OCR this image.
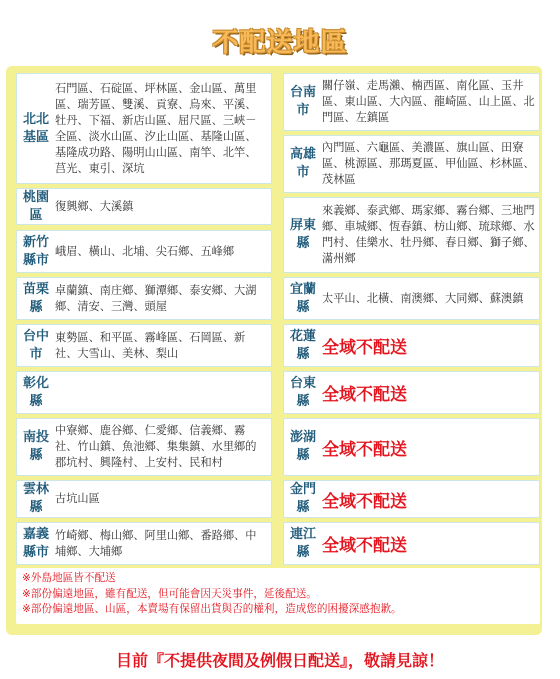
不配送地區
北北基區
石門區、石碇區、坪林區、金山區、萬里區、瑞芳區、雙溪、貢寮、烏來、平溪、牡丹、下福、新店山區、屈尺區、三峽－全區、淡水山區、汐止山區、基隆山區、基隆成功路、陽明山山區、南竿、北竿、莒光、東引、深坑
桃園區
復興鄉、大溪鎮
新竹縣市
峨眉、橫山、北埔、尖石鄉、五峰鄉
苗栗縣
卓蘭鎮、南庄鄉、獅潭鄉、泰安鄉、大湖鄉、清安、三灣、頭屋
台中市
東勢區、和平區、霧峰區、石岡區、新社、大雪山、美林、梨山
彰化縣
南投縣
中寮鄉、鹿谷鄉、仁愛鄉、信義鄉、霧社、竹山鎮、魚池鄉、集集鎮、水里鄉的郡坑村、興隆村、上安村、民和村
雲林縣
古坑山區
嘉義縣市
竹崎鄉、梅山鄉、阿里山鄉、番路鄉、中埔鄉、大埔鄉
台南市
關仔嶺、走馬瀨、楠西區、南化區、玉井區、東山區、大內區、龍崎區、山上區、北門區、左鎮區
高雄市
內門區、六龜區、美濃區、旗山區、田寮區、桃源區、那瑪夏區、甲仙區、杉林區、茂林區
屏東縣
來義鄉、泰武鄉、瑪家鄉、霧台鄉、三地門鄉、車城鄉、恆春鎮、枋山鄉、琉球鄉、水門村、佳樂水、牡丹鄉、春日鄉、獅子鄉、滿州鄉
宜蘭縣
太平山、北橫、南澳鄉、大同鄉、蘇澳鎮
花蓮縣 全域不配送
台東縣 全域不配送
澎湖縣 全域不配送
金門縣 全域不配送
連江縣 全域不配送
※外島地區皆不配送
※部份偏遠地區，雖有配送，但可能會因天災事件，延後配送。
※部份偏遠地區、山區，本賣場有保留出貨與否的權利，造成您的困擾深感抱歉。
目前『不提供夜間及例假日配送』，敬請見諒！
